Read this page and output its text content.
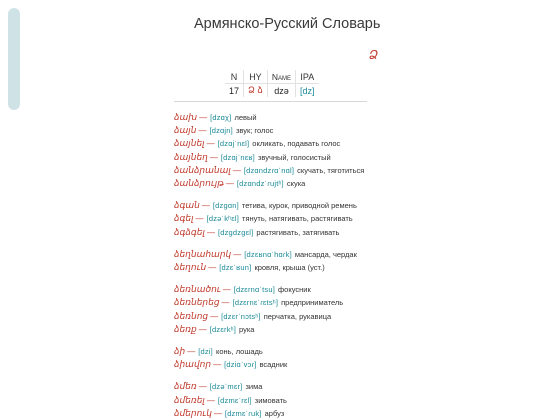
Армянско-Русский Словарь
Ձ
N	HY	Name	IPA
17	Ձ ձ	dzə	[dz]
ձախ — [dzɑχ] левый
ձայն — [dzɑjn] звук; голос
ձայնել — [dzɑjˈnɛl] окликать, подавать голос
ձայնեղ — [dzɑjˈnɛʁ] звучный, голосистый
ձանձրանալ — [dzɑndzɾɑˈnɑl] скучать, тяготиться
ձանձրույթ — [dzɑndzˈɾujtʰ] скука
ձգան — [dzgɑn] тетива, курок, приводной ремень
ձգել — [dzəˈkʰɛl] тянуть, натягивать, растягивать
ձգձգել — [dzgdzgɛl] растягивать, затягивать
ձեղնահարկ — [dzɛʁnɑˈhɑɾk] мансарда, чердак
ձեղուն — [dzɛˈʁun] кровля, крыша (уст.)
ձեռնածու — [dzɛrnɑˈtsu] фокусник
ձեռներեց — [dzɛrnɛˈɾɛtsʰ] предприниматель
ձեռնոց — [dzɛrˈnɔtsʰ] перчатка, рукавица
ձեռք — [dzɛrkʰ] рука
ձի — [dzi] конь, лошадь
ձիավոր — [dziɑˈvɔɾ] всадник
ձմեռ — [dzəˈmɛr] зима
ձմեռել — [dzmɛˈrɛl] зимовать
ձմերուկ — [dzmɛˈɾuk] арбуз
